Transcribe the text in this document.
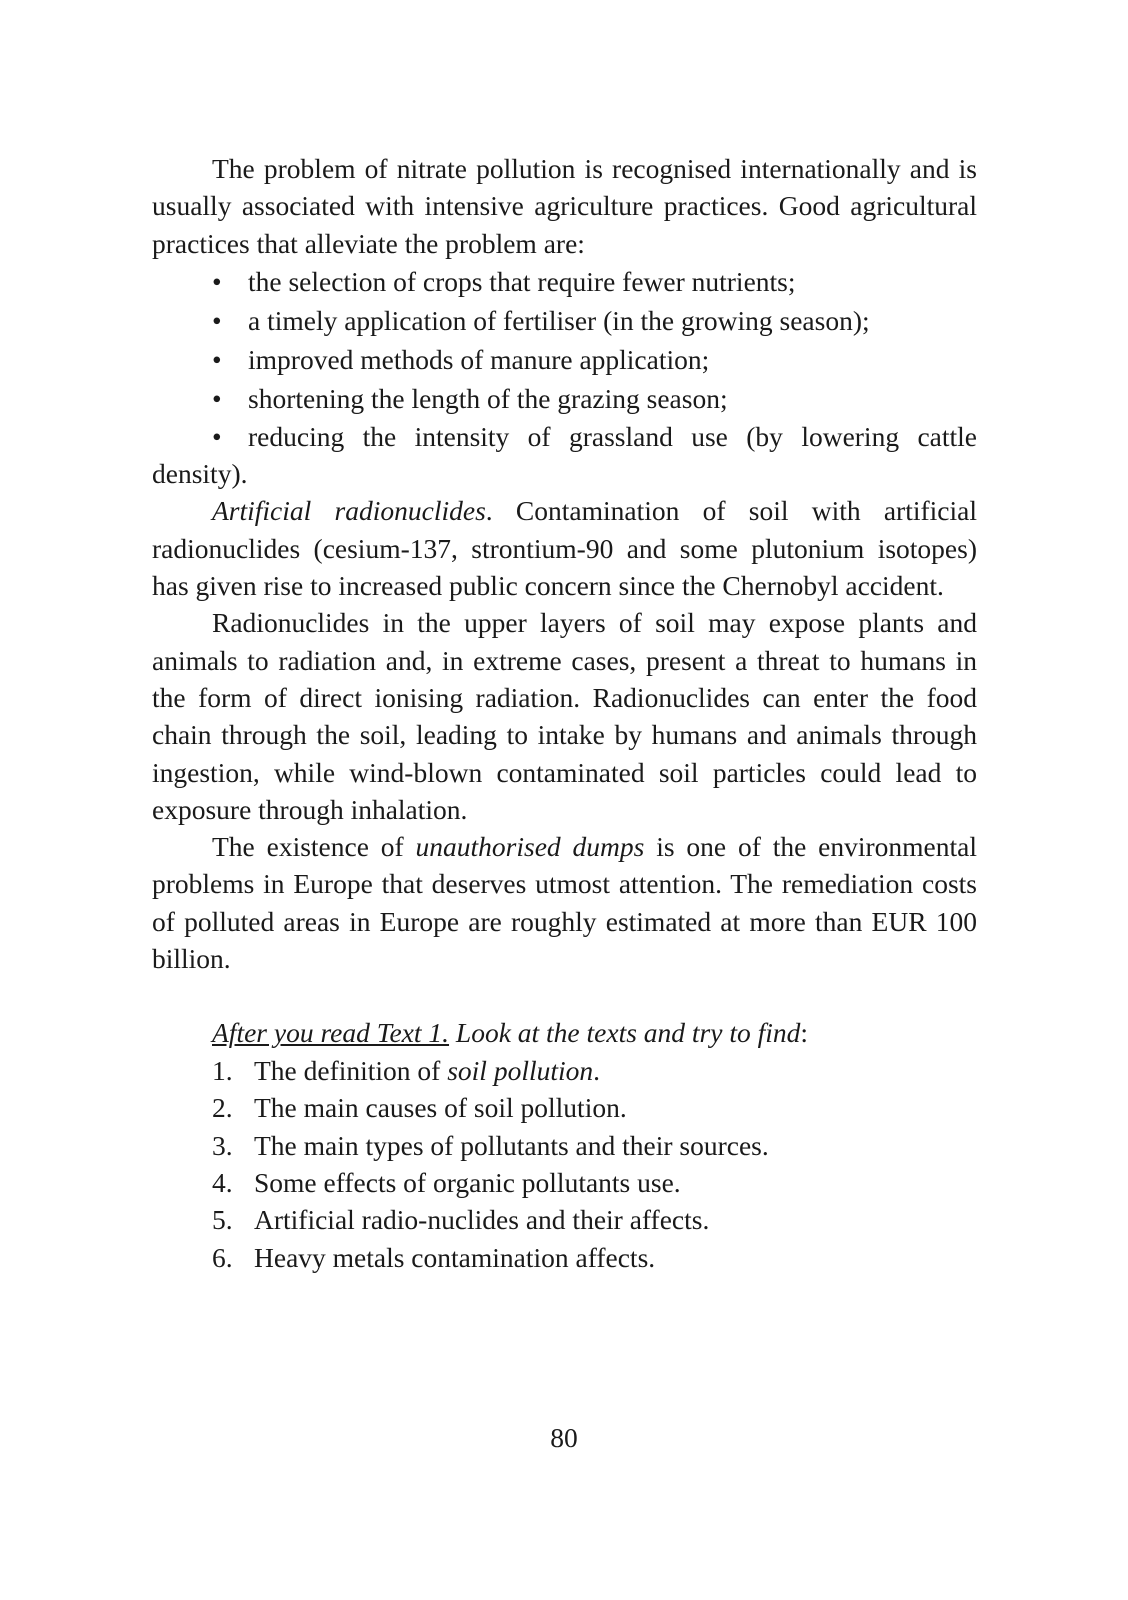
The problem of nitrate pollution is recognised internationally and is usually associated with intensive agriculture practices. Good agricultural practices that alleviate the problem are:

• the selection of crops that require fewer nutrients;
• a timely application of fertiliser (in the growing season);
• improved methods of manure application;
• shortening the length of the grazing season;
• reducing the intensity of grassland use (by lowering cattle density).

Artificial radionuclides. Contamination of soil with artificial radionuclides (cesium-137, strontium-90 and some plutonium isotopes) has given rise to increased public concern since the Chernobyl accident.

Radionuclides in the upper layers of soil may expose plants and animals to radiation and, in extreme cases, present a threat to humans in the form of direct ionising radiation. Radionuclides can enter the food chain through the soil, leading to intake by humans and animals through ingestion, while wind-blown contaminated soil particles could lead to exposure through inhalation.

The existence of unauthorised dumps is one of the environmental problems in Europe that deserves utmost attention. The remediation costs of polluted areas in Europe are roughly estimated at more than EUR 100 billion.

After you read Text 1. Look at the texts and try to find:

1. The definition of soil pollution.
2. The main causes of soil pollution.
3. The main types of pollutants and their sources.
4. Some effects of organic pollutants use.
5. Artificial radio-nuclides and their affects.
6. Heavy metals contamination affects.
80
